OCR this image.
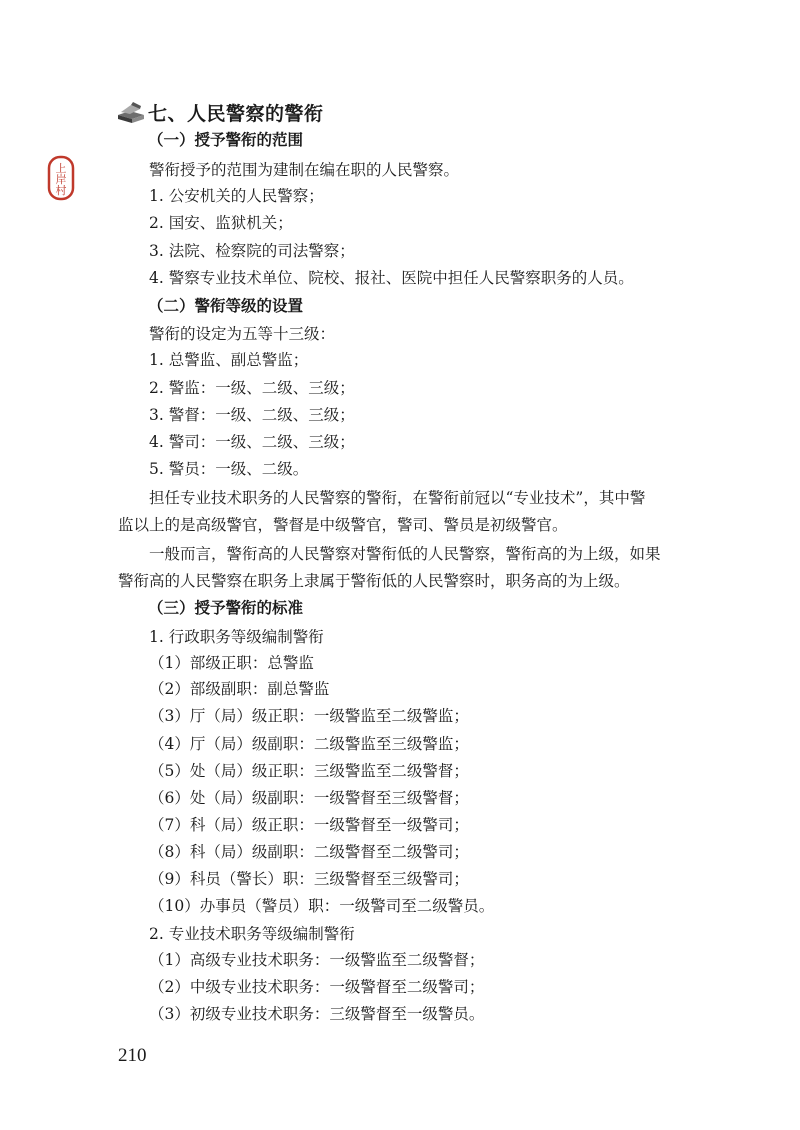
七、人民警察的警衔
上
岸
村
（一）授予警衔的范围
警衔授予的范围为建制在编在职的人民警察。
1. 公安机关的人民警察；
2. 国安、监狱机关；
3. 法院、检察院的司法警察；
4. 警察专业技术单位、院校、报社、医院中担任人民警察职务的人员。
（二）警衔等级的设置
警衔的设定为五等十三级：
1. 总警监、副总警监；
2. 警监：一级、二级、三级；
3. 警督：一级、二级、三级；
4. 警司：一级、二级、三级；
5. 警员：一级、二级。
担任专业技术职务的人民警察的警衔，在警衔前冠以“专业技术”，其中警
监以上的是高级警官，警督是中级警官，警司、警员是初级警官。
一般而言，警衔高的人民警察对警衔低的人民警察，警衔高的为上级，如果
警衔高的人民警察在职务上隶属于警衔低的人民警察时，职务高的为上级。
（三）授予警衔的标准
1. 行政职务等级编制警衔
（1）部级正职：总警监
（2）部级副职：副总警监
（3）厅（局）级正职：一级警监至二级警监；
（4）厅（局）级副职：二级警监至三级警监；
（5）处（局）级正职：三级警监至二级警督；
（6）处（局）级副职：一级警督至三级警督；
（7）科（局）级正职：一级警督至一级警司；
（8）科（局）级副职：二级警督至二级警司；
（9）科员（警长）职：三级警督至三级警司；
（10）办事员（警员）职：一级警司至二级警员。
2. 专业技术职务等级编制警衔
（1）高级专业技术职务：一级警监至二级警督；
（2）中级专业技术职务：一级警督至二级警司；
（3）初级专业技术职务：三级警督至一级警员。
210
